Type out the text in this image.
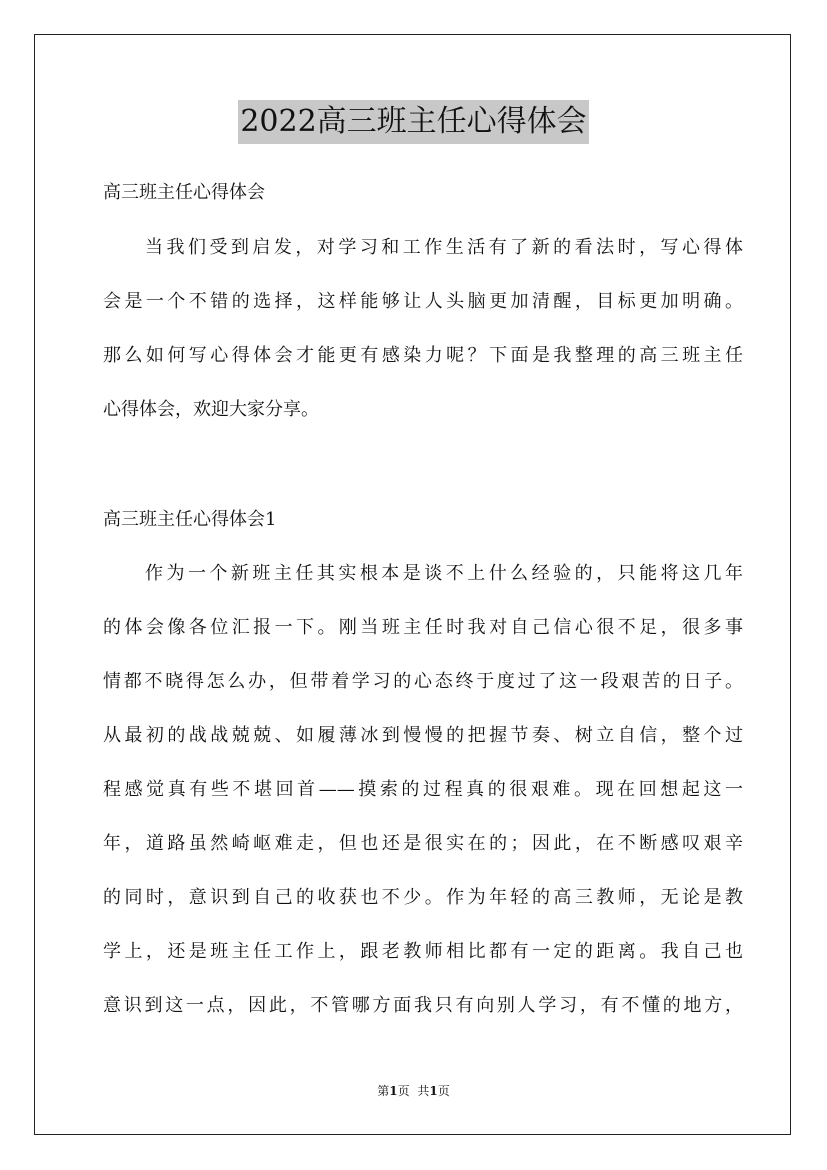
2022高三班主任心得体会
高三班主任心得体会
当我们受到启发，对学习和工作生活有了新的看法时，写心得体
会是一个不错的选择，这样能够让人头脑更加清醒，目标更加明确。
那么如何写心得体会才能更有感染力呢？下面是我整理的高三班主任
心得体会，欢迎大家分享。
高三班主任心得体会1
作为一个新班主任其实根本是谈不上什么经验的，只能将这几年
的体会像各位汇报一下。刚当班主任时我对自己信心很不足，很多事
情都不晓得怎么办，但带着学习的心态终于度过了这一段艰苦的日子。
从最初的战战兢兢、如履薄冰到慢慢的把握节奏、树立自信，整个过
程感觉真有些不堪回首——摸索的过程真的很艰难。现在回想起这一
年，道路虽然崎岖难走，但也还是很实在的；因此，在不断感叹艰辛
的同时，意识到自己的收获也不少。作为年轻的高三教师，无论是教
学上，还是班主任工作上，跟老教师相比都有一定的距离。我自己也
意识到这一点，因此，不管哪方面我只有向别人学习，有不懂的地方，
第1页 共1页
